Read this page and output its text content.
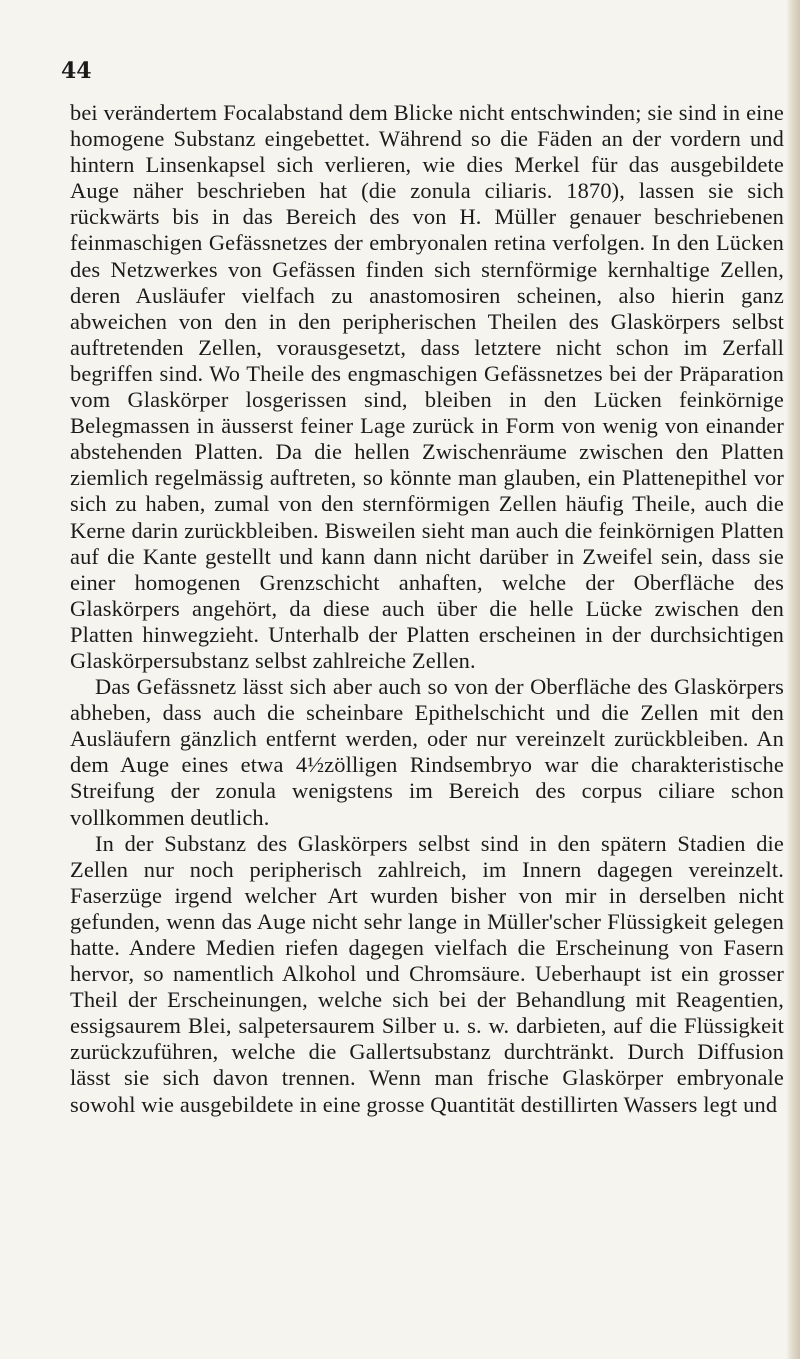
44

bei verändertem Focalabstand dem Blicke nicht entschwinden; sie sind in eine homogene Substanz eingebettet. Während so die Fäden an der vordern und hintern Linsenkapsel sich verlieren, wie dies Merkel für das ausgebildete Auge näher beschrieben hat (die zonula ciliaris. 1870), lassen sie sich rückwärts bis in das Bereich des von H. Müller genauer beschriebenen feinmaschigen Gefässnetzes der embryonalen retina verfolgen. In den Lücken des Netzwerkes von Gefässen finden sich sternförmige kernhaltige Zellen, deren Ausläufer vielfach zu anastomosiren scheinen, also hierin ganz abweichen von den in den peripherischen Theilen des Glaskörpers selbst auftretenden Zellen, vorausgesetzt, dass letztere nicht schon im Zerfall begriffen sind. Wo Theile des engmaschigen Gefässnetzes bei der Präparation vom Glaskörper losgerissen sind, bleiben in den Lücken feinkörnige Belegmassen in äusserst feiner Lage zurück in Form von wenig von einander abstehenden Platten. Da die hellen Zwischenräume zwischen den Platten ziemlich regelmässig auftreten, so könnte man glauben, ein Plattenepithel vor sich zu haben, zumal von den sternförmigen Zellen häufig Theile, auch die Kerne darin zurückbleiben. Bisweilen sieht man auch die feinkörnigen Platten auf die Kante gestellt und kann dann nicht darüber in Zweifel sein, dass sie einer homogenen Grenzschicht anhaften, welche der Oberfläche des Glaskörpers angehört, da diese auch über die helle Lücke zwischen den Platten hinwegzieht. Unterhalb der Platten erscheinen in der durchsichtigen Glaskörpersubstanz selbst zahlreiche Zellen.

Das Gefässnetz lässt sich aber auch so von der Oberfläche des Glaskörpers abheben, dass auch die scheinbare Epithelschicht und die Zellen mit den Ausläufern gänzlich entfernt werden, oder nur vereinzelt zurückbleiben. An dem Auge eines etwa 4½zölligen Rindsembryo war die charakteristische Streifung der zonula wenigstens im Bereich des corpus ciliare schon vollkommen deutlich.

In der Substanz des Glaskörpers selbst sind in den spätern Stadien die Zellen nur noch peripherisch zahlreich, im Innern dagegen vereinzelt. Faserzüge irgend welcher Art wurden bisher von mir in derselben nicht gefunden, wenn das Auge nicht sehr lange in Müller'scher Flüssigkeit gelegen hatte. Andere Medien riefen dagegen vielfach die Erscheinung von Fasern hervor, so namentlich Alkohol und Chromsäure. Ueberhaupt ist ein grosser Theil der Erscheinungen, welche sich bei der Behandlung mit Reagentien, essigsaurem Blei, salpetersaurem Silber u. s. w. darbieten, auf die Flüssigkeit zurückzuführen, welche die Gallertsubstanz durchtränkt. Durch Diffusion lässt sie sich davon trennen. Wenn man frische Glaskörper embryonale sowohl wie ausgebildete in eine grosse Quantität destillirten Wassers legt und
